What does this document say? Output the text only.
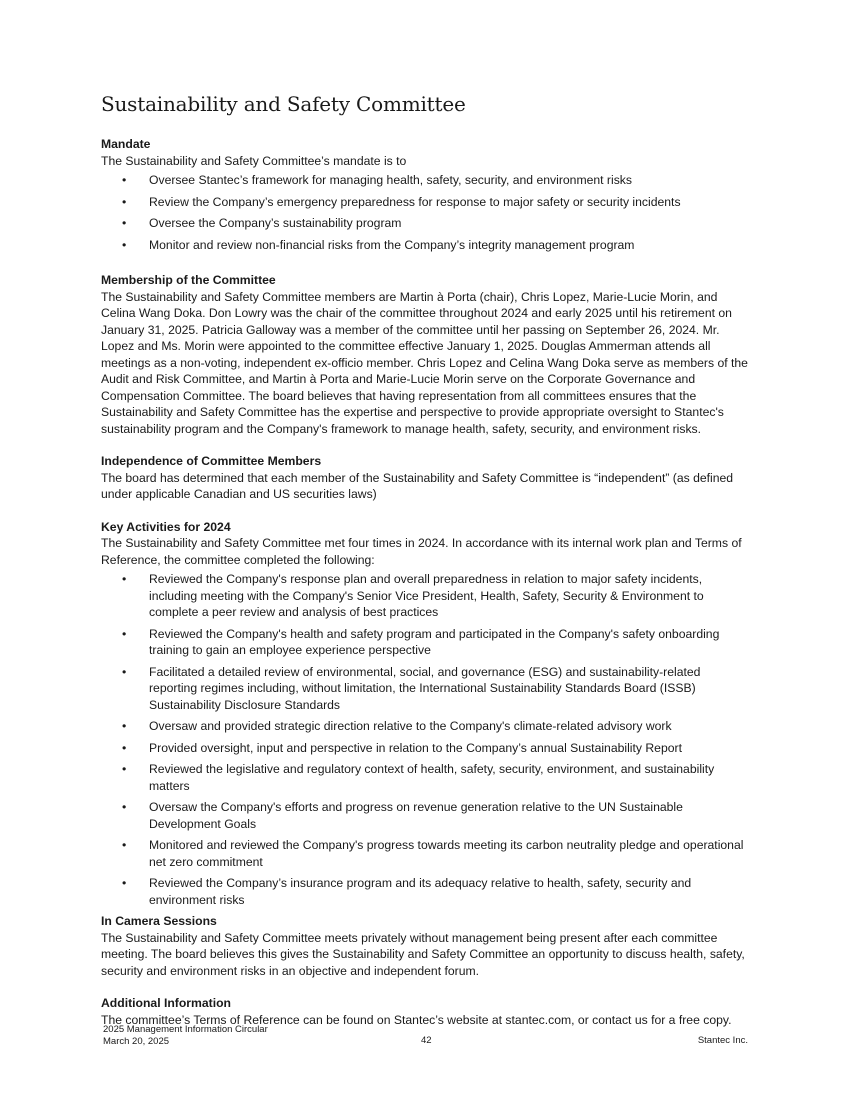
Sustainability and Safety Committee

Mandate

The Sustainability and Safety Committee’s mandate is to

• Oversee Stantec’s framework for managing health, safety, security, and environment risks
• Review the Company’s emergency preparedness for response to major safety or security incidents
• Oversee the Company’s sustainability program
• Monitor and review non-financial risks from the Company’s integrity management program

Membership of the Committee

The Sustainability and Safety Committee members are Martin à Porta (chair), Chris Lopez, Marie-Lucie Morin, and Celina Wang Doka. Don Lowry was the chair of the committee throughout 2024 and early 2025 until his retirement on January 31, 2025. Patricia Galloway was a member of the committee until her passing on September 26, 2024. Mr. Lopez and Ms. Morin were appointed to the committee effective January 1, 2025. Douglas Ammerman attends all meetings as a non-voting, independent ex-officio member. Chris Lopez and Celina Wang Doka serve as members of the Audit and Risk Committee, and Martin à Porta and Marie-Lucie Morin serve on the Corporate Governance and Compensation Committee. The board believes that having representation from all committees ensures that the Sustainability and Safety Committee has the expertise and perspective to provide appropriate oversight to Stantec's sustainability program and the Company's framework to manage health, safety, security, and environment risks.

Independence of Committee Members

The board has determined that each member of the Sustainability and Safety Committee is “independent” (as defined under applicable Canadian and US securities laws)

Key Activities for 2024

The Sustainability and Safety Committee met four times in 2024. In accordance with its internal work plan and Terms of Reference, the committee completed the following:

• Reviewed the Company's response plan and overall preparedness in relation to major safety incidents, including meeting with the Company's Senior Vice President, Health, Safety, Security & Environment to complete a peer review and analysis of best practices
• Reviewed the Company's health and safety program and participated in the Company's safety onboarding training to gain an employee experience perspective
• Facilitated a detailed review of environmental, social, and governance (ESG) and sustainability-related reporting regimes including, without limitation, the International Sustainability Standards Board (ISSB) Sustainability Disclosure Standards
• Oversaw and provided strategic direction relative to the Company's climate-related advisory work
• Provided oversight, input and perspective in relation to the Company’s annual Sustainability Report
• Reviewed the legislative and regulatory context of health, safety, security, environment, and sustainability matters
• Oversaw the Company's efforts and progress on revenue generation relative to the UN Sustainable Development Goals
• Monitored and reviewed the Company's progress towards meeting its carbon neutrality pledge and operational net zero commitment
• Reviewed the Company’s insurance program and its adequacy relative to health, safety, security and environment risks

In Camera Sessions

The Sustainability and Safety Committee meets privately without management being present after each committee meeting. The board believes this gives the Sustainability and Safety Committee an opportunity to discuss health, safety, security and environment risks in an objective and independent forum.

Additional Information

The committee’s Terms of Reference can be found on Stantec’s website at stantec.com, or contact us for a free copy.

2025 Management Information Circular
March 20, 2025	42	Stantec Inc.
